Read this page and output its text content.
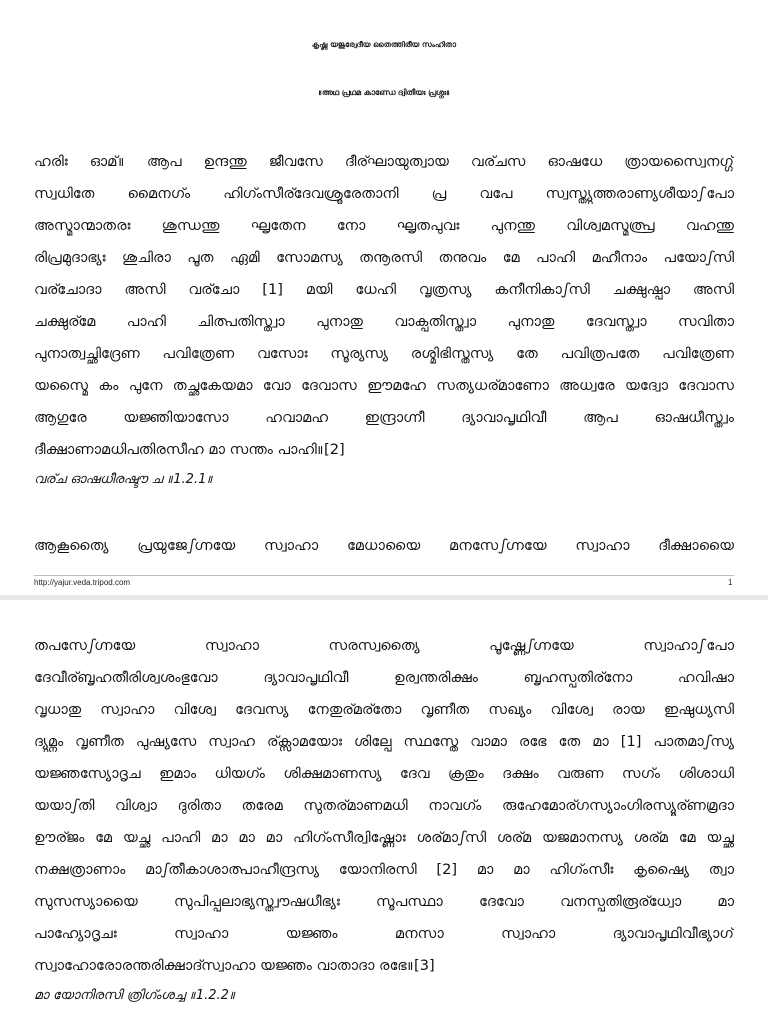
കൃഷ്ണ യജുര്വേദീയ തൈത്തിരീയ സംഹിതാ
॥അഥ പ്രഥമ കാണ്ഡേ ദ്വിതീയഃ പ്രശ്നഃ॥
ഹരിഃ ഓമ്॥ ആപ ഉന്ദന്തു ജീവസേ ദീര്ഘായുത്വായ വര്ചസ ഓഷധേ ത്രായസ്വൈനഗ്ഗ്
സ്വധിതേ മൈനഗ്ം ഹിഗ്ംസീര്ദേവശ്രൂരേതാനി പ്ര വപേ സ്വസ്ത്യുത്തരാണ്യശീയാഽപോ
അസ്മാന്മാതരഃ ശുന്ധന്തു ഘൃതേന നോ ഘൃതപുവഃ പുനന്തു വിശ്വമസ്മത്പ്ര വഹന്തു
രിപ്രമുദാഭ്യഃ ശുചിരാ പൂത ഏമി സോമസ്യ തനൂരസി തനുവം മേ പാഹി മഹീനാം പയോഽസി
വര്ചോദാ അസി വര്ചോ [1] മയി ധേഹി വൃത്രസ്യ കനീനികാഽസി ചക്ഷുഷ്പാ അസി
ചക്ഷുര്മേ പാഹി ചിത്പതിസ്ത്വാ പുനാതു വാക്പതിസ്ത്വാ പുനാതു ദേവസ്ത്വാ സവിതാ
പുനാത്വച്ഛിദ്രേണ പവിത്രേണ വസോഃ സൂര്യസ്യ രശ്മിഭിസ്തസ്യ തേ പവിത്രപതേ പവിത്രേണ
യസ്മൈ കം പുനേ തച്ഛകേയമാ വോ ദേവാസ ഈമഹേ സത്യധര്മാണോ അധ്വരേ യദ്വോ ദേവാസ
ആഗുരേ യജ്ഞിയാസോ ഹവാമഹ ഇന്ദ്രാഗ്നീ ദ്യാവാപൃഥിവീ ആപ ഓഷധീസ്ത്വം
ദീക്ഷാണാമധിപതിരസീഹ മാ സന്തം പാഹി॥[2]
വര്ച ഓഷധീരഷ്ടൗ ച ॥1.2.1॥
ആകൂത്യൈ പ്രയുജേഽഗ്നയേ സ്വാഹാ മേധായൈ മനസേഽഗ്നയേ സ്വാഹാ ദീക്ഷായൈ
http://yajur.veda.tripod.com	1
തപസേഽഗ്നയേ സ്വാഹാ സരസ്വത്യൈ പൂഷ്ണേഽഗ്നയേ സ്വാഹാഽപോ
ദേവീര്ബൃഹതീരിശ്വശംഭുവോ ദ്യാവാപൃഥിവീ ഉര്വന്തരിക്ഷം ബൃഹസ്പതിര്നോ ഹവിഷാ
വൃധാതു സ്വാഹാ വിശ്വേ ദേവസ്യ നേതുര്മര്തോ വൃണീത സഖ്യം വിശ്വേ രായ ഇഷുധ്യസി
ദ്യുമ്നം വൃണീത പുഷ്യസേ സ്വാഹ ര്ക്സാമയോഃ ശില്പേ സ്ഥസ്തേ വാമാ രഭേ തേ മാ [1] പാതമാഽസ്യ
യജ്ഞസ്യോദൃച ഇമാം ധിയഗ്ം ശിക്ഷമാണസ്യ ദേവ ക്രതും ദക്ഷം വരുണ സഗ്ം ശിശാധി
യയാഽതി വിശ്വാ ദുരിതാ തരേമ സുതര്മാണമധി നാവഗ്ം രുഹേമോര്ഗസ്യാംഗിരസ്യൂര്ണമ്രദാ
ഊര്ജം മേ യച്ഛ പാഹി മാ മാ മാ ഹിഗ്ംസീര്വിഷ്ണോഃ ശര്മാഽസി ശര്മ യജമാനസ്യ ശര്മ മേ യച്ഛ
നക്ഷത്രാണാം മാഽതീകാശാത്പാഹീന്ദ്രസ്യ യോനിരസി [2] മാ മാ ഹിഗ്ംസീഃ കൃഷ്യൈ ത്വാ
സുസസ്യായൈ സുപിപ്പലാഭ്യസ്ത്വൗഷധീഭ്യഃ സൂപസ്ഥാ ദേവോ വനസ്പതിരൂര്ധ്വോ മാ
പാഹ്യോദൃചഃ സ്വാഹാ യജ്ഞം മനസാ സ്വാഹാ ദ്യാവാപൃഥിവീഭ്യാഗ്
സ്വാഹോരോരന്തരിക്ഷാദ്സ്വാഹാ യജ്ഞം വാതാദാ രഭേ॥[3]
മാ യോനിരസി ത്രിഗ്ംശച്ച ॥1.2.2॥
